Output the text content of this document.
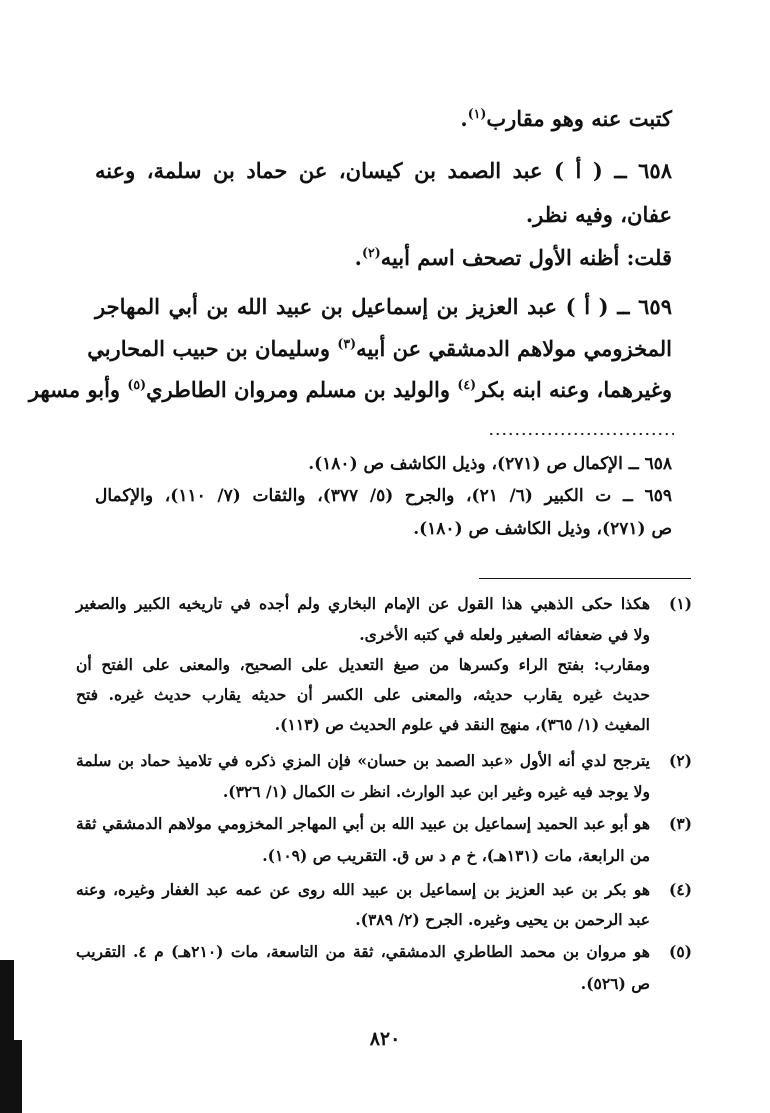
كتبت عنه وهو مقارب$^{(١)}$.
٦٥٨ ــ ( أ ) عبد الصمد بن كيسان، عن حماد بن سلمة، وعنه
عفان، وفيه نظر.
قلت: أظنه الأول تصحف اسم أبيه$^{(٢)}$.
٦٥٩ ــ ( أ ) عبد العزيز بن إسماعيل بن عبيد الله بن أبي المهاجر
المخزومي مولاهم الدمشقي عن أبيه$^{(٣)}$ وسليمان بن حبيب المحاربي
وغيرهما، وعنه ابنه بكر$^{(٤)}$ والوليد بن مسلم ومروان الطاطري$^{(٥)}$ وأبو مسهر
٦٥٨ ــ الإكمال ص (٢٧١)، وذيل الكاشف ص (١٨٠).
٦٥٩ ــ ت الكبير (٦/ ٢١)، والجرح (٥/ ٣٧٧)، والثقات (٧/ ١١٠)، والإكمال
ص (٢٧١)، وذيل الكاشف ص (١٨٠).
(١)
هكذا حكى الذهبي هذا القول عن الإمام البخاري ولم أجده في تاريخيه الكبير والصغير
ولا في ضعفائه الصغير ولعله في كتبه الأخرى.
ومقارب: بفتح الراء وكسرها من صيغ التعديل على الصحيح، والمعنى على الفتح أن
حديث غيره يقارب حديثه، والمعنى على الكسر أن حديثه يقارب حديث غيره. فتح
المغيث (١/ ٣٦٥)، منهج النقد في علوم الحديث ص (١١٣).
(٢)
يترجح لدي أنه الأول «عبد الصمد بن حسان» فإن المزي ذكره في تلاميذ حماد بن سلمة
ولا يوجد فيه غيره وغير ابن عبد الوارث. انظر ت الكمال (١/ ٣٢٦).
(٣)
هو أبو عبد الحميد إسماعيل بن عبيد الله بن أبي المهاجر المخزومي مولاهم الدمشقي ثقة
من الرابعة، مات (١٣١هـ)، خ م د س ق. التقريب ص (١٠٩).
(٤)
هو بكر بن عبد العزيز بن إسماعيل بن عبيد الله روى عن عمه عبد الغفار وغيره، وعنه
عبد الرحمن بن يحيى وغيره. الجرح (٢/ ٣٨٩).
(٥)
هو مروان بن محمد الطاطري الدمشقي، ثقة من التاسعة، مات (٢١٠هـ) م ٤. التقريب
ص (٥٢٦).
٨٢٠
